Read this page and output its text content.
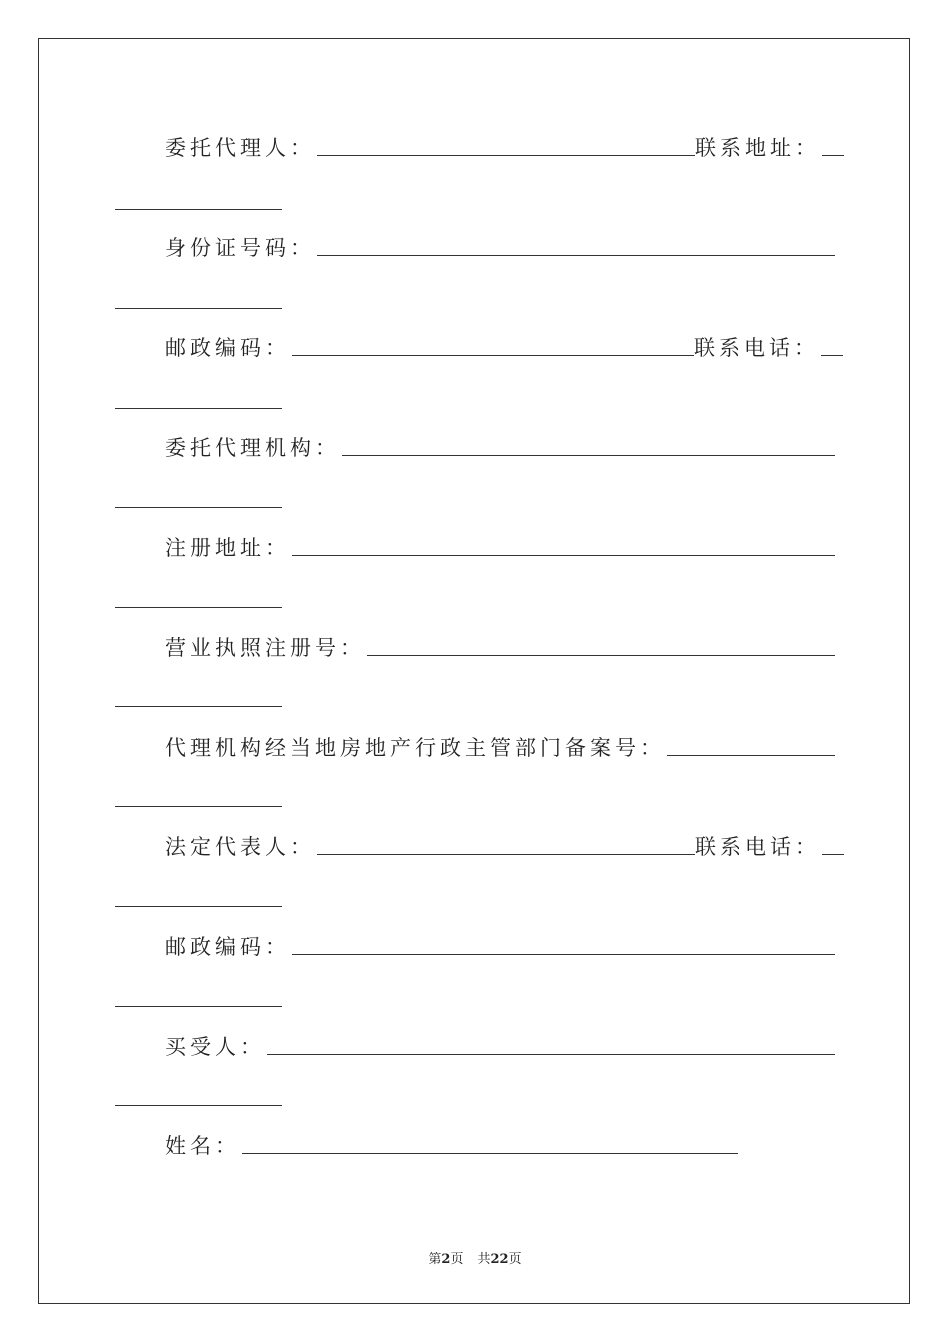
委托代理人：	联系地址：
身份证号码：
邮政编码：	联系电话：
委托代理机构：
注册地址：
营业执照注册号：
代理机构经当地房地产行政主管部门备案号：
法定代表人：	联系电话：
邮政编码：
买受人：
姓名：
第2页 共22页
